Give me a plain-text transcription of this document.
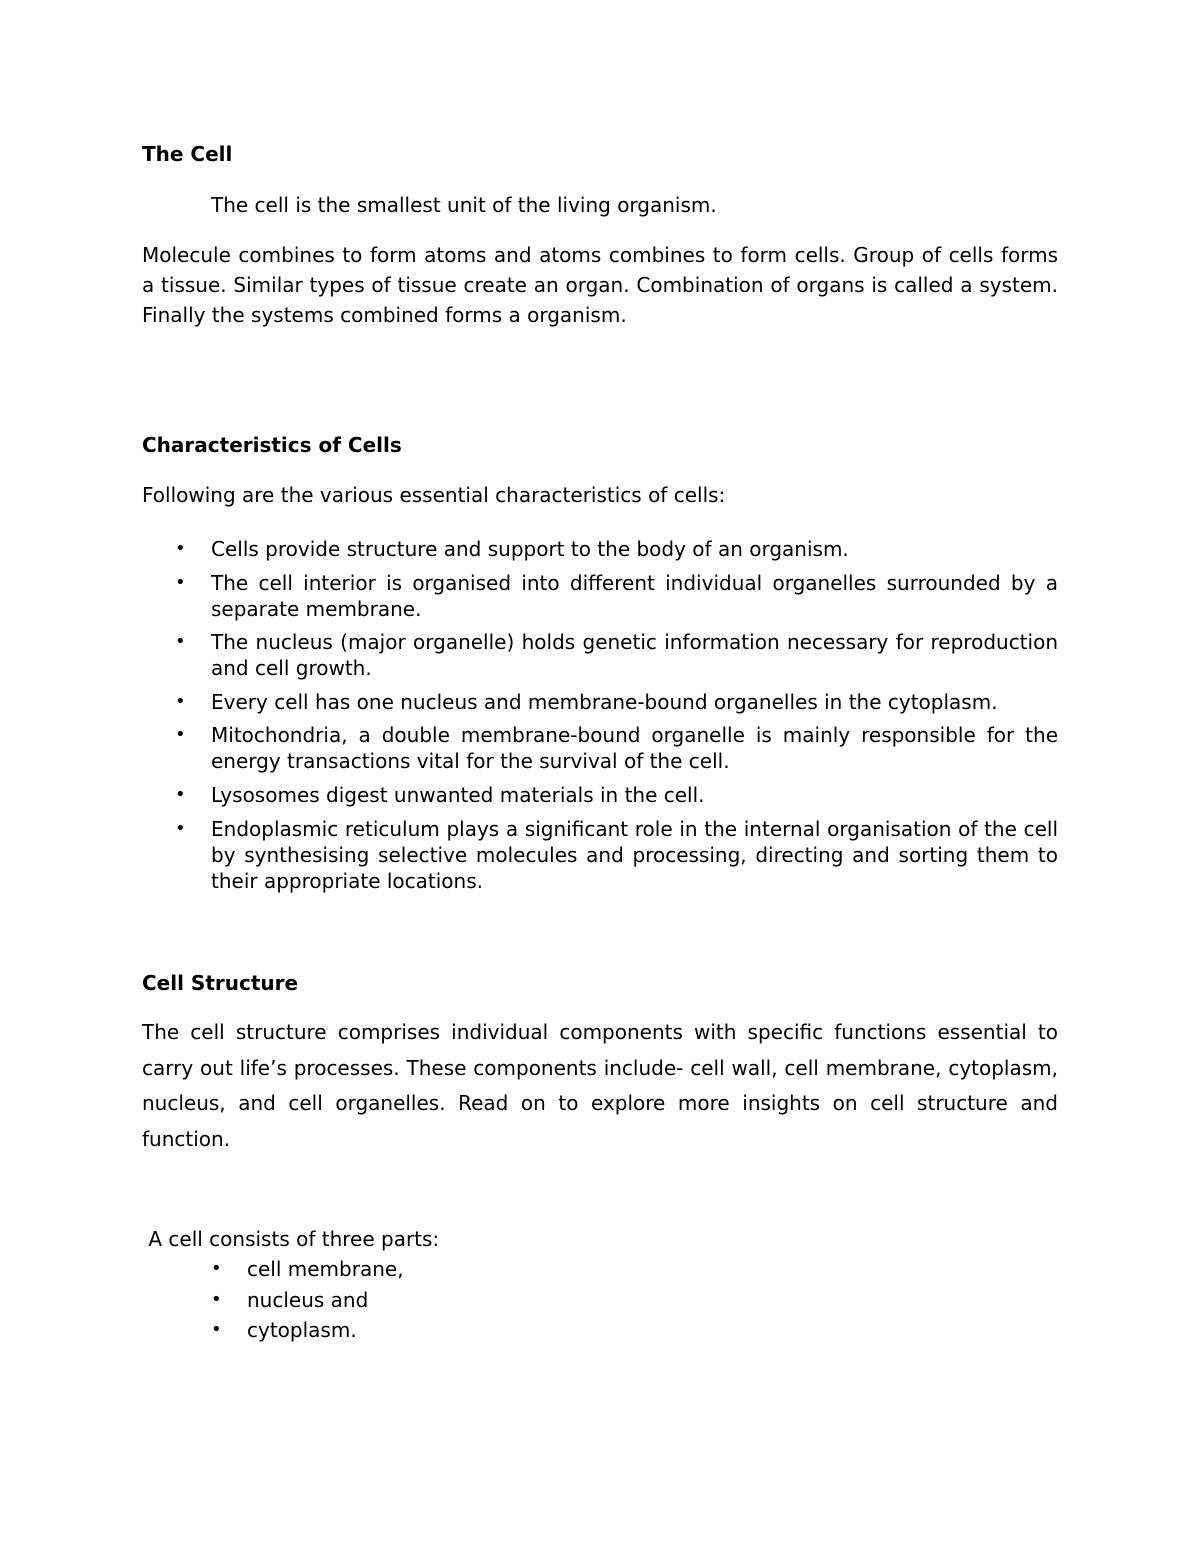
The Cell

The cell is the smallest unit of the living organism.

Molecule combines to form atoms and atoms combines to form cells. Group of cells forms a tissue. Similar types of tissue create an organ. Combination of organs is called a system. Finally the systems combined forms a organism.

Characteristics of Cells

Following are the various essential characteristics of cells:

• Cells provide structure and support to the body of an organism.
• The cell interior is organised into different individual organelles surrounded by a separate membrane.
• The nucleus (major organelle) holds genetic information necessary for reproduction and cell growth.
• Every cell has one nucleus and membrane-bound organelles in the cytoplasm.
• Mitochondria, a double membrane-bound organelle is mainly responsible for the energy transactions vital for the survival of the cell.
• Lysosomes digest unwanted materials in the cell.
• Endoplasmic reticulum plays a significant role in the internal organisation of the cell by synthesising selective molecules and processing, directing and sorting them to their appropriate locations.
Cell Structure

The cell structure comprises individual components with specific functions essential to carry out life’s processes. These components include- cell wall, cell membrane, cytoplasm, nucleus, and cell organelles. Read on to explore more insights on cell structure and function.

A cell consists of three parts:

• cell membrane,
• nucleus and
• cytoplasm.
